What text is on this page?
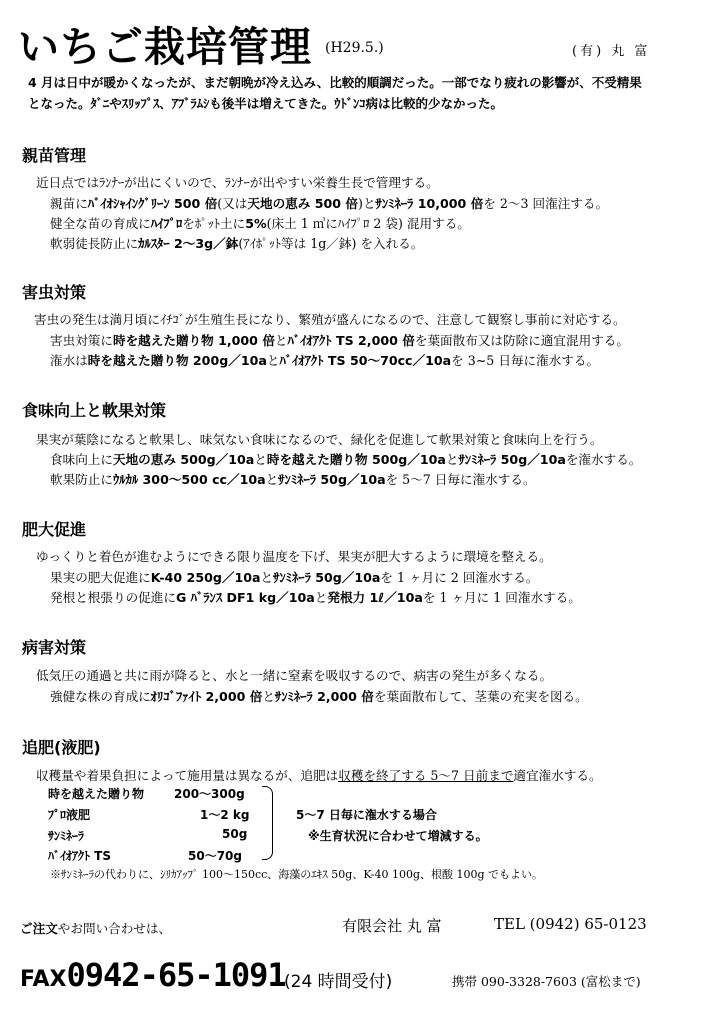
いちご栽培管理 (H29.5.)	(有) 丸 富
4 月は日中が暖かくなったが、まだ朝晩が冷え込み、比較的順調だった。一部でなり疲れの影響が、不受精果
となった。ﾀﾞﾆやｽﾘｯﾌﾟｽ、ｱﾌﾞﾗﾑｼも後半は増えてきた。ｳﾄﾞﾝｺ病は比較的少なかった。
親苗管理
近日点ではﾗﾝﾅｰが出にくいので、ﾗﾝﾅｰが出やすい栄養生長で管理する。
親苗にﾊﾞｲｵｼｬｲﾝｸﾞﾘｰﾝ 500 倍(又は天地の恵み 500 倍)とｻﾝﾐﾈｰﾗ 10,000 倍を 2～3 回潅注する。
健全な苗の育成にﾊｲﾌﾟﾛをﾎﾟｯﾄ土に5%(床土 1 ㎥にﾊｲﾌﾟﾛ 2 袋) 混用する。
軟弱徒長防止にｶﾙｽﾀｰ 2～3g／鉢(ｱｲﾎﾟｯﾄ等は 1g／鉢) を入れる。
害虫対策
害虫の発生は満月頃にｲﾁｺﾞが生殖生長になり、繁殖が盛んになるので、注意して観察し事前に対応する。
害虫対策に時を越えた贈り物 1,000 倍とﾊﾞｲｵｱｸﾄ TS 2,000 倍を葉面散布又は防除に適宜混用する。
潅水は時を越えた贈り物 200g／10aとﾊﾞｲｵｱｸﾄ TS 50～70cc／10aを 3~5 日毎に潅水する。
食味向上と軟果対策
果実が葉陰になると軟果し、味気ない食味になるので、緑化を促進して軟果対策と食味向上を行う。
食味向上に天地の恵み 500g／10aと時を越えた贈り物 500g／10aとｻﾝﾐﾈｰﾗ 50g／10aを潅水する。
軟果防止にｳﾙｶﾙ 300～500 cc／10aとｻﾝﾐﾈｰﾗ 50g／10aを 5～7 日毎に潅水する。
肥大促進
ゆっくりと着色が進むようにできる限り温度を下げ、果実が肥大するように環境を整える。
果実の肥大促進にK-40 250g／10aとｻﾝﾐﾈｰﾗ 50g／10aを 1 ヶ月に 2 回潅水する。
発根と根張りの促進にG ﾊﾞﾗﾝｽ DF1 kg／10aと発根力 1ℓ／10aを 1 ヶ月に 1 回潅水する。
病害対策
低気圧の通過と共に雨が降ると、水と一緒に窒素を吸収するので、病害の発生が多くなる。
強健な株の育成にｵﾘｺﾞﾌｧｲﾄ 2,000 倍とｻﾝﾐﾈｰﾗ 2,000 倍を葉面散布して、茎葉の充実を図る。
追肥(液肥)
収穫量や着果負担によって施用量は異なるが、追肥は収穫を終了する 5～7 日前まで適宜潅水する。
時を越えた贈り物 200～300g
ﾌﾟﾛ液肥	1～2 kg
ｻﾝﾐﾈｰﾗ	50g
ﾊﾞｲｵｱｸﾄ TS	50～70g
5～7 日毎に潅水する場合
※生育状況に合わせて増減する。
※ｻﾝﾐﾈｰﾗの代わりに、ｼﾘｶｱｯﾌﾟ 100～150cc、海藻のｴｷｽ 50g、K-40 100g、根酸 100g でもよい。
ご注文やお問い合わせは、	有限会社 丸 富	TEL (0942) 65-0123
FAX0942-65-1091
(24 時間受付)	携帯 090-3328-7603 (富松まで)
